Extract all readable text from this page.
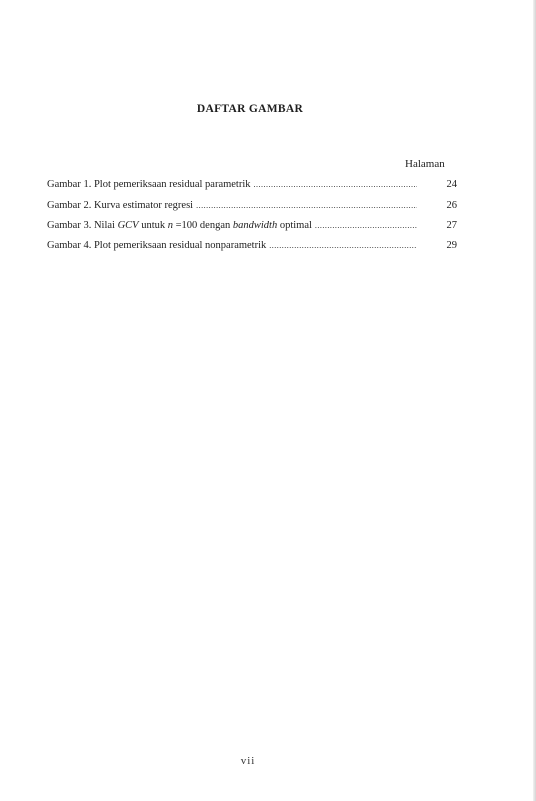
DAFTAR GAMBAR
Halaman
Gambar 1. Plot pemeriksaan residual parametrik .....	24
Gambar 2. Kurva estimator regresi .....	26
Gambar 3. Nilai GCV untuk n =100 dengan bandwidth optimal .....	27
Gambar 4. Plot pemeriksaan residual nonparametrik .....	29
vii
